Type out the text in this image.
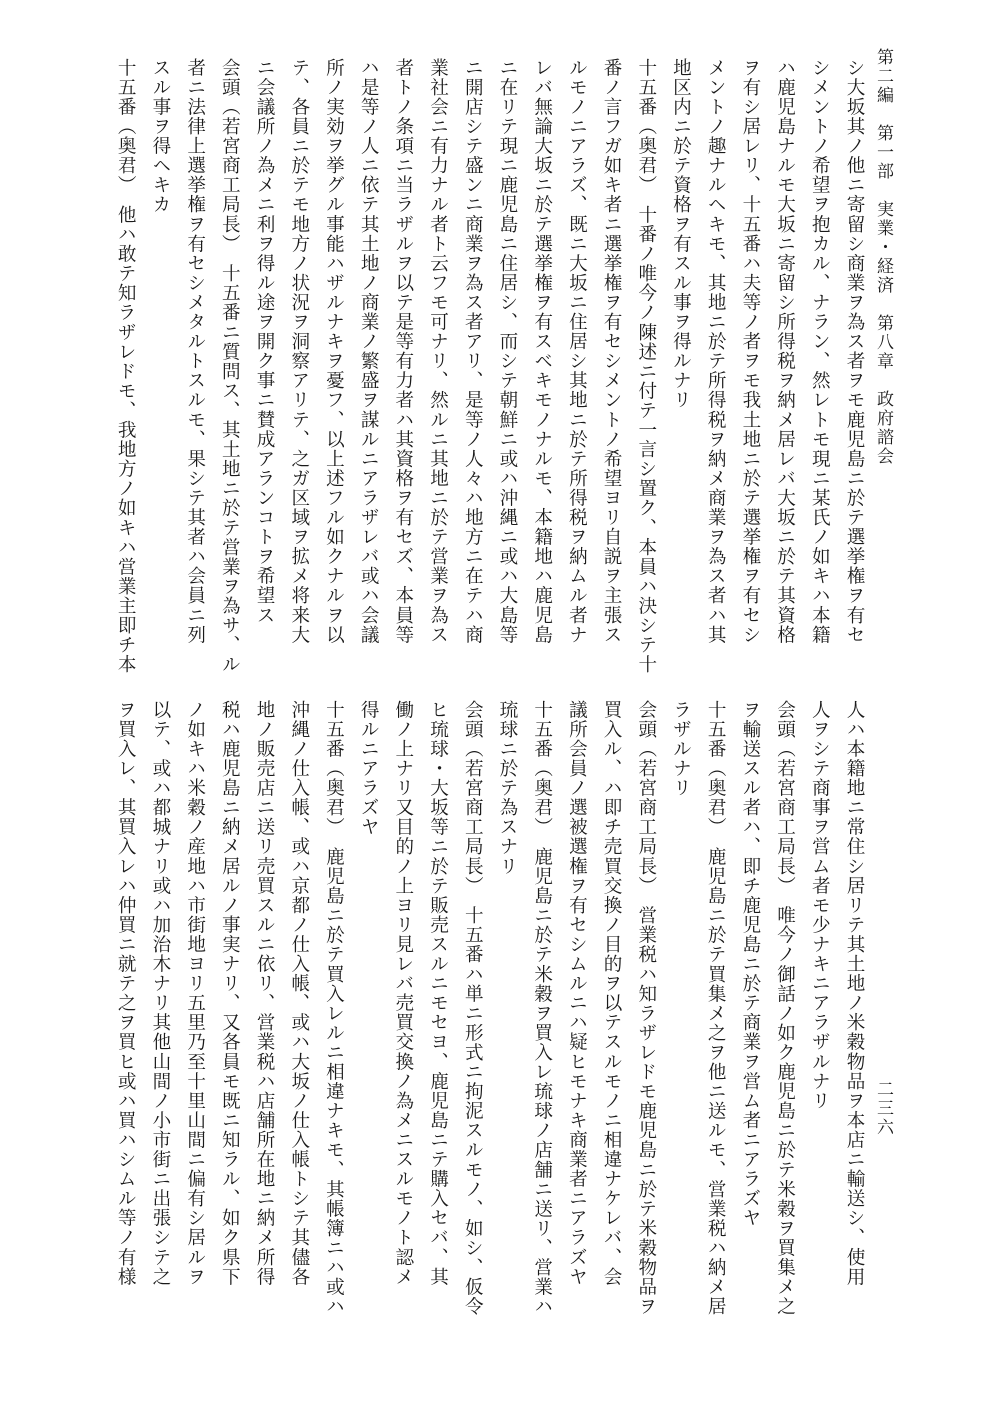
第二編　第一部　実業・経済　第八章　政府諮会
二三六
シ大坂其ノ他ニ寄留シ商業ヲ為ス者ヲモ鹿児島ニ於テ選挙権ヲ有セ
シメントノ希望ヲ抱カル、ナラン、然レトモ現ニ某氏ノ如キハ本籍
ハ鹿児島ナルモ大坂ニ寄留シ所得税ヲ納メ居レバ大坂ニ於テ其資格
ヲ有シ居レリ、十五番ハ夫等ノ者ヲモ我土地ニ於テ選挙権ヲ有セシ
メントノ趣ナルヘキモ、其地ニ於テ所得税ヲ納メ商業ヲ為ス者ハ其
地区内ニ於テ資格ヲ有スル事ヲ得ルナリ
十五番（奥君）　十番ノ唯今ノ陳述ニ付テ一言シ置ク、本員ハ決シテ十
番ノ言フガ如キ者ニ選挙権ヲ有セシメントノ希望ヨリ自説ヲ主張ス
ルモノニアラズ、既ニ大坂ニ住居シ其地ニ於テ所得税ヲ納ムル者ナ
レバ無論大坂ニ於テ選挙権ヲ有スベキモノナルモ、本籍地ハ鹿児島
ニ在リテ現ニ鹿児島ニ住居シ、而シテ朝鮮ニ或ハ沖縄ニ或ハ大島等
ニ開店シテ盛ンニ商業ヲ為ス者アリ、是等ノ人々ハ地方ニ在テハ商
業社会ニ有力ナル者ト云フモ可ナリ、然ルニ其地ニ於テ営業ヲ為ス
者トノ条項ニ当ラザルヲ以テ是等有力者ハ其資格ヲ有セズ、本員等
ハ是等ノ人ニ依テ其土地ノ商業ノ繁盛ヲ謀ルニアラザレバ或ハ会議
所ノ実効ヲ挙グル事能ハザルナキヲ憂フ、以上述フル如クナルヲ以
テ、各員ニ於テモ地方ノ状況ヲ洞察アリテ、之ガ区域ヲ拡メ将来大
ニ会議所ノ為メニ利ヲ得ル途ヲ開ク事ニ賛成アランコトヲ希望ス
会頭（若宮商工局長）　十五番ニ質問ス、其土地ニ於テ営業ヲ為サ、ル
者ニ法律上選挙権ヲ有セシメタルトスルモ、果シテ其者ハ会員ニ列
スル事ヲ得ヘキカ
十五番（奥君）　他ハ敢テ知ラザレドモ、我地方ノ如キハ営業主即チ本
人ハ本籍地ニ常住シ居リテ其土地ノ米穀物品ヲ本店ニ輸送シ、使用
人ヲシテ商事ヲ営ム者モ少ナキニアラザルナリ
会頭（若宮商工局長）　唯今ノ御話ノ如ク鹿児島ニ於テ米穀ヲ買集メ之
ヲ輸送スル者ハ、即チ鹿児島ニ於テ商業ヲ営ム者ニアラズヤ
十五番（奥君）　鹿児島ニ於テ買集メ之ヲ他ニ送ルモ、営業税ハ納メ居
ラザルナリ
会頭（若宮商工局長）　営業税ハ知ラザレドモ鹿児島ニ於テ米穀物品ヲ
買入ル、ハ即チ売買交換ノ目的ヲ以テスルモノニ相違ナケレバ、会
議所会員ノ選被選権ヲ有セシムルニハ疑ヒモナキ商業者ニアラズヤ
十五番（奥君）　鹿児島ニ於テ米穀ヲ買入レ琉球ノ店舗ニ送リ、営業ハ
琉球ニ於テ為スナリ
会頭（若宮商工局長）　十五番ハ単ニ形式ニ拘泥スルモノ、如シ、仮令
ヒ琉球・大坂等ニ於テ販売スルニモセヨ、鹿児島ニテ購入セバ、其
働ノ上ナリ又目的ノ上ヨリ見レバ売買交換ノ為メニスルモノト認メ
得ルニアラズヤ
十五番（奥君）　鹿児島ニ於テ買入レルニ相違ナキモ、其帳簿ニハ或ハ
沖縄ノ仕入帳、或ハ京都ノ仕入帳、或ハ大坂ノ仕入帳トシテ其儘各
地ノ販売店ニ送リ売買スルニ依リ、営業税ハ店舗所在地ニ納メ所得
税ハ鹿児島ニ納メ居ルノ事実ナリ、又各員モ既ニ知ラル、如ク県下
ノ如キハ米穀ノ産地ハ市街地ヨリ五里乃至十里山間ニ偏有シ居ルヲ
以テ、或ハ都城ナリ或ハ加治木ナリ其他山間ノ小市街ニ出張シテ之
ヲ買入レ、其買入レハ仲買ニ就テ之ヲ買ヒ或ハ買ハシムル等ノ有様
